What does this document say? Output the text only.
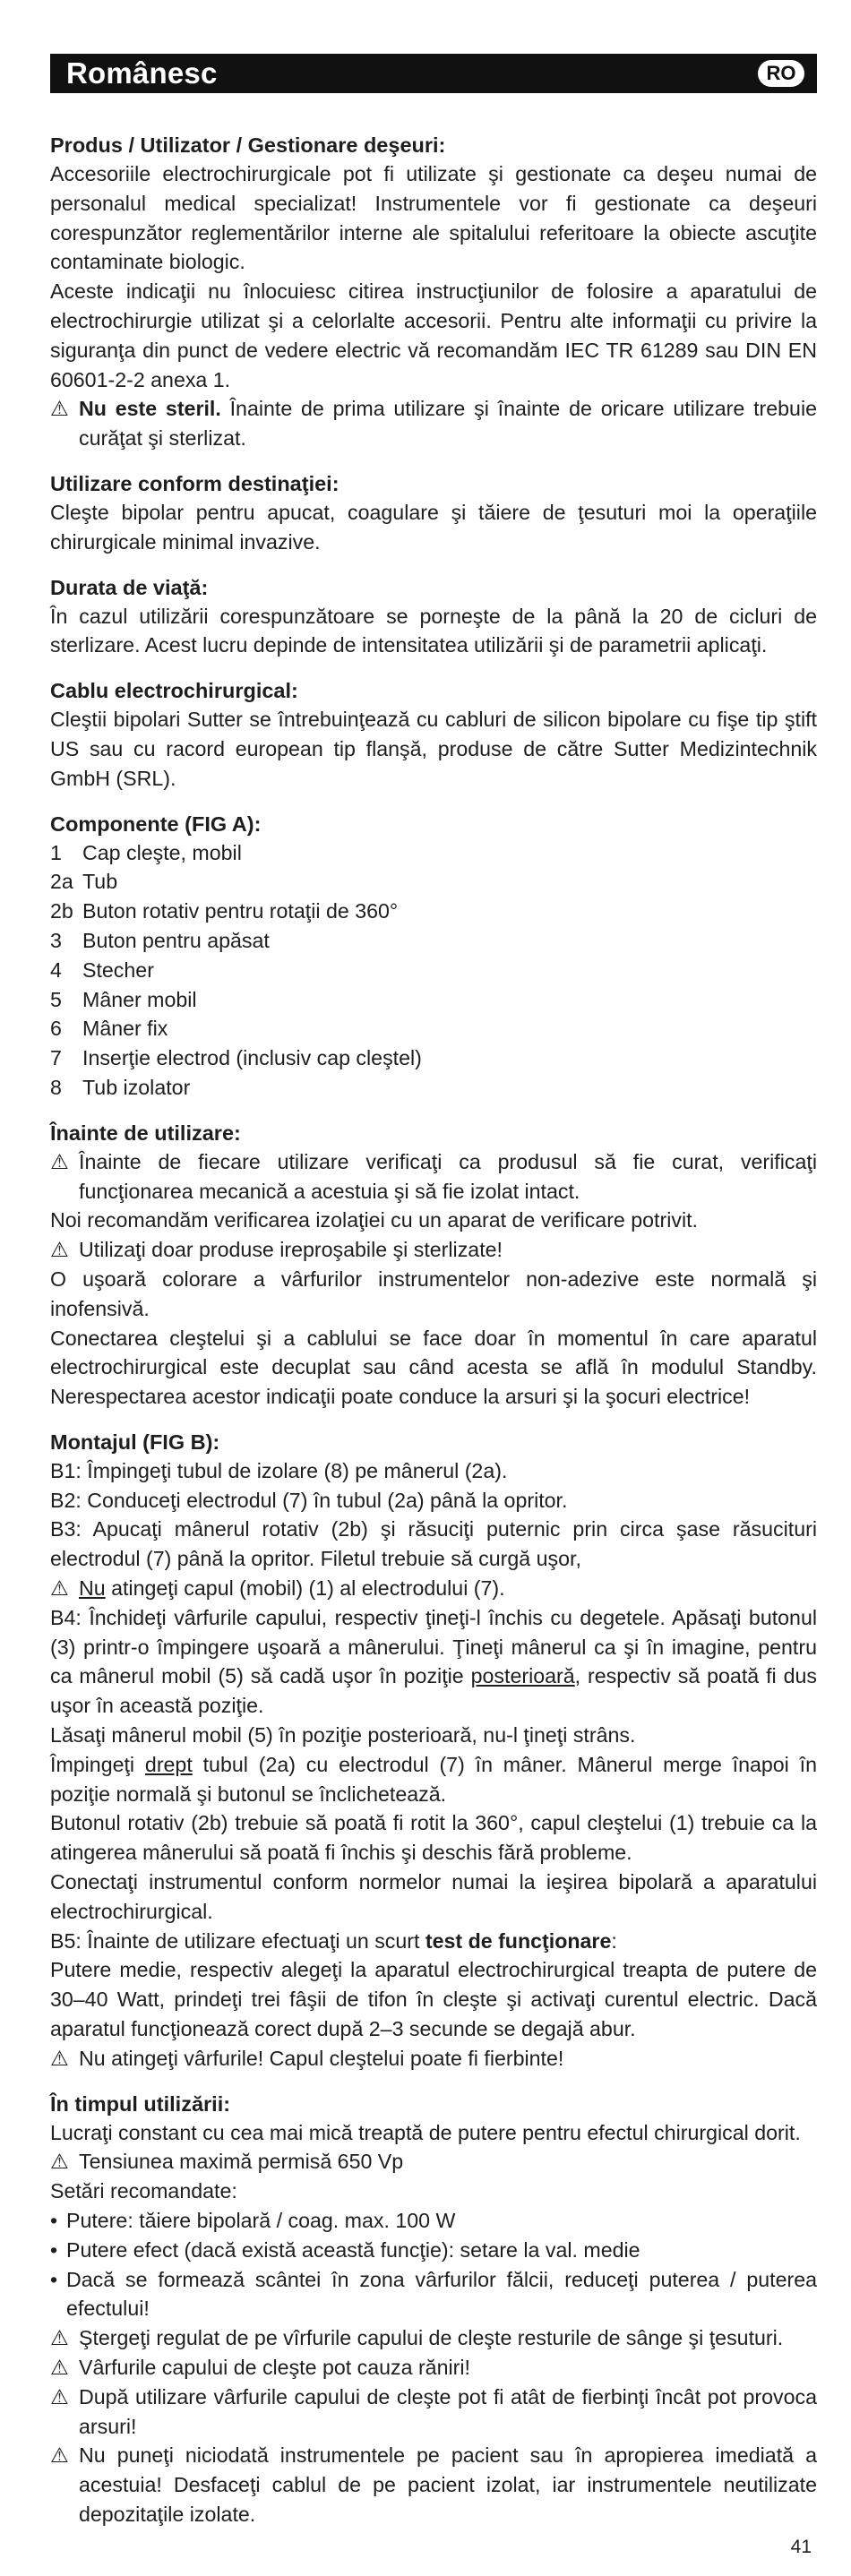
Românesc	RO
Produs / Utilizator / Gestionare deşeuri:

Accesoriile electrochirurgicale pot fi utilizate şi gestionate ca deşeu numai de personalul medical specializat! Instrumentele vor fi gestionate ca deşeuri corespunzător reglementărilor interne ale spitalului referitoare la obiecte ascuţite contaminate biologic.

Aceste indicaţii nu înlocuiesc citirea instrucţiunilor de folosire a aparatului de electrochirurgie utilizat şi a celorlalte accesorii. Pentru alte informaţii cu privire la siguranţa din punct de vedere electric vă recomandăm IEC TR 61289 sau DIN EN 60601-2-2 anexa 1.

⚠ Nu este steril. Înainte de prima utilizare şi înainte de oricare utilizare trebuie curăţat şi sterlizat.

Utilizare conform destinaţiei:

Cleşte bipolar pentru apucat, coagulare şi tăiere de ţesuturi moi la operaţiile chirurgicale minimal invazive.

Durata de viaţă:

În cazul utilizării corespunzătoare se porneşte de la până la 20 de cicluri de sterlizare. Acest lucru depinde de intensitatea utilizării şi de parametrii aplicaţi.

Cablu electrochirurgical:

Cleştii bipolari Sutter se întrebuinţează cu cabluri de silicon bipolare cu fişe tip ştift US sau cu racord european tip flanşă, produse de către Sutter Medizintechnik GmbH (SRL).

Componente (FIG A):
1 Cap cleşte, mobil
2a Tub
2b Buton rotativ pentru rotaţii de 360°
3 Buton pentru apăsat
4 Stecher
5 Mâner mobil
6 Mâner fix
7 Inserţie electrod (inclusiv cap cleştel)
8 Tub izolator
Înainte de utilizare:

⚠ Înainte de fiecare utilizare verificaţi ca produsul să fie curat, verificaţi funcţionarea mecanică a acestuia şi să fie izolat intact.

Noi recomandăm verificarea izolaţiei cu un aparat de verificare potrivit.

⚠ Utilizaţi doar produse ireproşabile şi sterlizate!

O uşoară colorare a vârfurilor instrumentelor non-adezive este normală şi inofensivă.

Conectarea cleştelui şi a cablului se face doar în momentul în care aparatul electrochirurgical este decuplat sau când acesta se află în modulul Standby. Nerespectarea acestor indicaţii poate conduce la arsuri şi la şocuri electrice!

Montajul (FIG B):

B1: Împingeţi tubul de izolare (8) pe mânerul (2a).

B2: Conduceţi electrodul (7) în tubul (2a) până la opritor.

B3: Apucaţi mânerul rotativ (2b) şi răsuciţi puternic prin circa şase răsucituri electrodul (7) până la opritor. Filetul trebuie să curgă uşor,

⚠ Nu atingeţi capul (mobil) (1) al electrodului (7).

B4: Închideţi vârfurile capului, respectiv ţineţi-l închis cu degetele. Apăsaţi butonul (3) printr-o împingere uşoară a mânerului. Ţineţi mânerul ca şi în imagine, pentru ca mânerul mobil (5) să cadă uşor în poziţie posterioară, respectiv să poată fi dus uşor în această poziţie.

Lăsaţi mânerul mobil (5) în poziţie posterioară, nu-l ţineţi strâns.

Împingeţi drept tubul (2a) cu electrodul (7) în mâner. Mânerul merge înapoi în poziţie normală şi butonul se înclichetează.

Butonul rotativ (2b) trebuie să poată fi rotit la 360°, capul cleştelui (1) trebuie ca la atingerea mânerului să poată fi închis şi deschis fără probleme.

Conectaţi instrumentul conform normelor numai la ieşirea bipolară a aparatului electrochirurgical.

B5: Înainte de utilizare efectuaţi un scurt test de funcţionare:

Putere medie, respectiv alegeţi la aparatul electrochirurgical treapta de putere de 30–40 Watt, prindeţi trei fâşii de tifon în cleşte şi activaţi curentul electric. Dacă aparatul funcţionează corect după 2–3 secunde se degajă abur.

⚠ Nu atingeţi vârfurile! Capul cleştelui poate fi fierbinte!

În timpul utilizării:

Lucraţi constant cu cea mai mică treaptă de putere pentru efectul chirurgical dorit.

⚠ Tensiunea maximă permisă 650 Vp

Setări recomandate:

• Putere: tăiere bipolară / coag. max. 100 W

• Putere efect (dacă există această funcţie): setare la val. medie

• Dacă se formează scântei în zona vârfurilor fălcii, reduceţi puterea / puterea efectului!

⚠ Ştergeţi regulat de pe vîrfurile capului de cleşte resturile de sânge şi ţesuturi.

⚠ Vârfurile capului de cleşte pot cauza răniri!

⚠ După utilizare vârfurile capului de cleşte pot fi atât de fierbinţi încât pot provoca arsuri!

⚠ Nu puneţi niciodată instrumentele pe pacient sau în apropierea imediată a acestuia! Desfaceţi cablul de pe pacient izolat, iar instrumentele neutilizate depozitaţile izolate.

41
